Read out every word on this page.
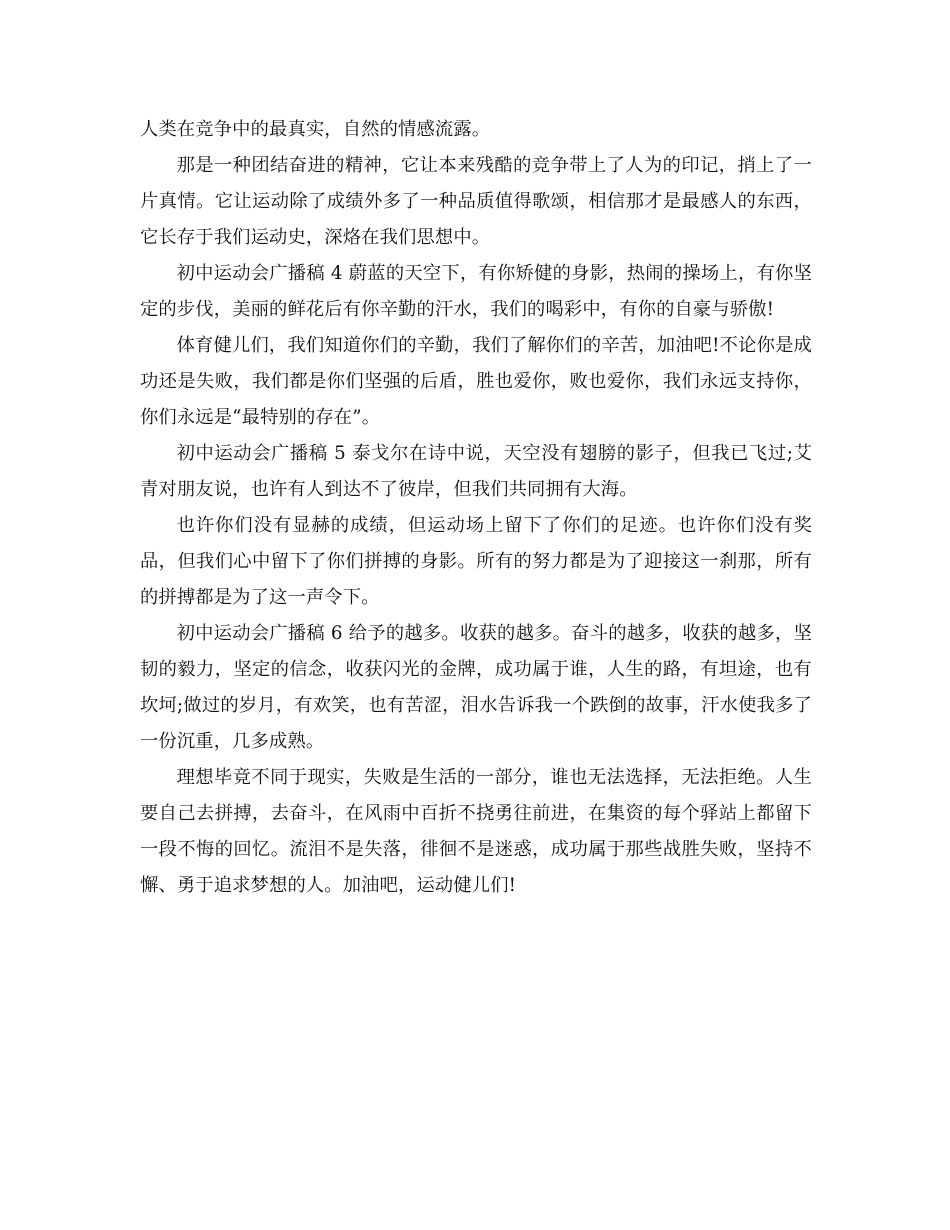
人类在竞争中的最真实，自然的情感流露。

那是一种团结奋进的精神，它让本来残酷的竞争带上了人为的印记，捎上了一片真情。它让运动除了成绩外多了一种品质值得歌颂，相信那才是最感人的东西，它长存于我们运动史，深烙在我们思想中。

初中运动会广播稿 4 蔚蓝的天空下，有你矫健的身影，热闹的操场上，有你坚定的步伐，美丽的鲜花后有你辛勤的汗水，我们的喝彩中，有你的自豪与骄傲!

体育健儿们，我们知道你们的辛勤，我们了解你们的辛苦，加油吧!不论你是成功还是失败，我们都是你们坚强的后盾，胜也爱你，败也爱你，我们永远支持你，你们永远是“最特别的存在”。

初中运动会广播稿 5 泰戈尔在诗中说，天空没有翅膀的影子，但我已飞过;艾青对朋友说，也许有人到达不了彼岸，但我们共同拥有大海。

也许你们没有显赫的成绩，但运动场上留下了你们的足迹。也许你们没有奖品，但我们心中留下了你们拼搏的身影。所有的努力都是为了迎接这一刹那，所有的拼搏都是为了这一声令下。

初中运动会广播稿 6 给予的越多。收获的越多。奋斗的越多，收获的越多，坚韧的毅力，坚定的信念，收获闪光的金牌，成功属于谁，人生的路，有坦途，也有坎坷;做过的岁月，有欢笑，也有苦涩，泪水告诉我一个跌倒的故事，汗水使我多了一份沉重，几多成熟。

理想毕竟不同于现实，失败是生活的一部分，谁也无法选择，无法拒绝。人生要自己去拼搏，去奋斗，在风雨中百折不挠勇往前进，在集资的每个驿站上都留下一段不悔的回忆。流泪不是失落，徘徊不是迷惑，成功属于那些战胜失败，坚持不懈、勇于追求梦想的人。加油吧，运动健儿们!
